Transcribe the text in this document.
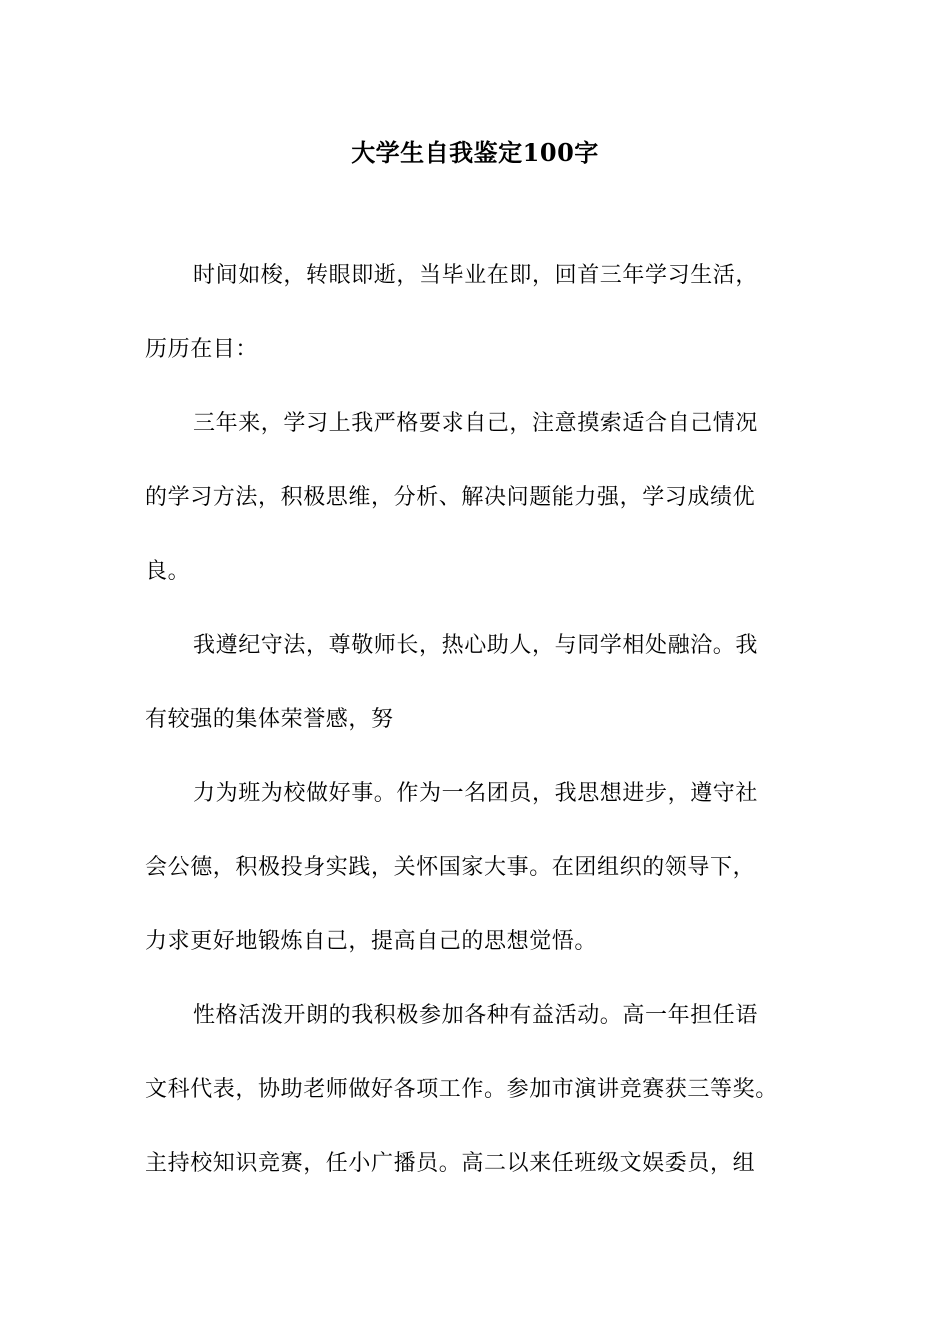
大学生自我鉴定100字
时间如梭，转眼即逝，当毕业在即，回首三年学习生活，
历历在目：
三年来，学习上我严格要求自己，注意摸索适合自己情况
的学习方法，积极思维，分析、解决问题能力强，学习成绩优
良。
我遵纪守法，尊敬师长，热心助人，与同学相处融洽。我
有较强的集体荣誉感，努
力为班为校做好事。作为一名团员，我思想进步，遵守社
会公德，积极投身实践，关怀国家大事。在团组织的领导下，
力求更好地锻炼自己，提高自己的思想觉悟。
性格活泼开朗的我积极参加各种有益活动。高一年担任语
文科代表，协助老师做好各项工作。参加市演讲竞赛获三等奖。
主持校知识竞赛，任小广播员。高二以来任班级文娱委员，组
